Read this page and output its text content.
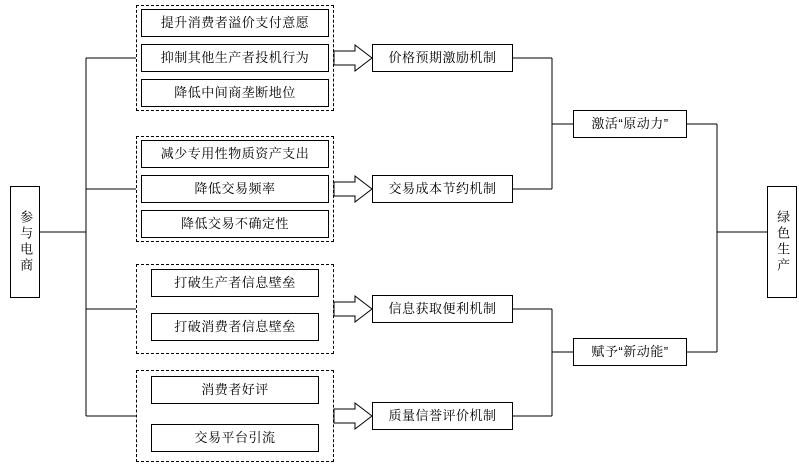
参与电商
提升消费者溢价支付意愿
抑制其他生产者投机行为
降低中间商垄断地位
减少专用性物质资产支出
降低交易频率
降低交易不确定性
打破生产者信息壁垒
打破消费者信息壁垒
消费者好评
交易平台引流
价格预期激励机制
交易成本节约机制
信息获取便利机制
质量信誉评价机制
激活“原动力”
赋予“新动能”
绿色生产
